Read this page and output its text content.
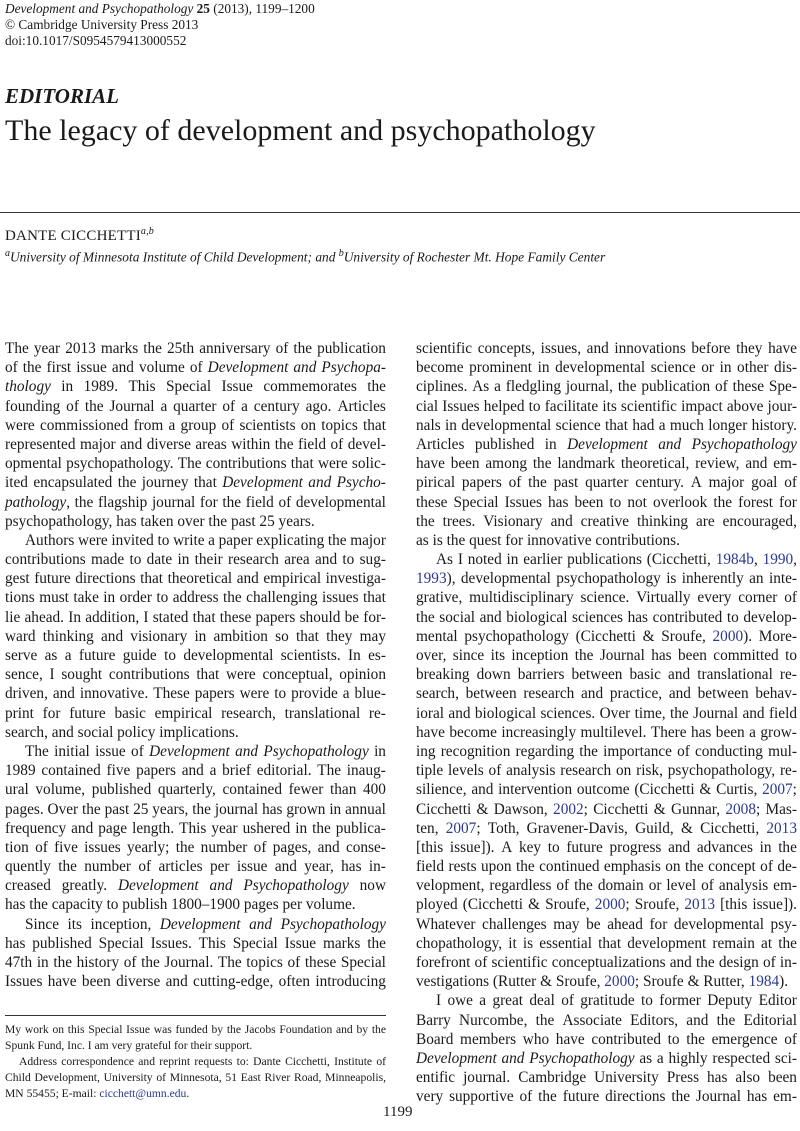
Development and Psychopathology 25 (2013), 1199–1200
© Cambridge University Press 2013
doi:10.1017/S0954579413000552
EDITORIAL
The legacy of development and psychopathology
DANTE CICCHETTI$^{a,b}$
$^a$University of Minnesota Institute of Child Development; and $^b$University of Rochester Mt. Hope Family Center
The year 2013 marks the 25th anniversary of the publication
of the first issue and volume of Development and Psychopa-
thology in 1989. This Special Issue commemorates the
founding of the Journal a quarter of a century ago. Articles
were commissioned from a group of scientists on topics that
represented major and diverse areas within the field of devel-
opmental psychopathology. The contributions that were solic-
ited encapsulated the journey that Development and Psycho-
pathology, the flagship journal for the field of developmental
psychopathology,
has
taken
over
the
past
25
years.
Authors were invited to write a paper explicating the major
contributions made to date in their research area and to sug-
gest future directions that theoretical and empirical investiga-
tions must take in order to address the challenging issues that
lie ahead. In addition, I stated that these papers should be for-
ward thinking and visionary in ambition so that they may
serve as a future guide to developmental scientists. In es-
sence, I sought contributions that were conceptual, opinion
driven, and innovative. These papers were to provide a blue-
print for future basic empirical research, translational re-
search,
and
social
policy
implications.
The initial issue of Development and Psychopathology in
1989 contained five papers and a brief editorial. The inaug-
ural volume, published quarterly, contained fewer than 400
pages. Over the past 25 years, the journal has grown in annual
frequency and page length. This year ushered in the publica-
tion of five issues yearly; the number of pages, and conse-
quently the number of articles per issue and year, has in-
creased greatly. Development and Psychopathology now
has
the
capacity
to
publish
1800–1900
pages
per
volume.
Since its inception, Development and Psychopathology
has published Special Issues. This Special Issue marks the
47th in the history of the Journal. The topics of these Special
Issues have been diverse and cutting-edge, often introducing
scientific concepts, issues, and innovations before they have
become prominent in developmental science or in other dis-
ciplines. As a fledgling journal, the publication of these Spe-
cial Issues helped to facilitate its scientific impact above jour-
nals in developmental science that had a much longer history.
Articles published in Development and Psychopathology
have been among the landmark theoretical, review, and em-
pirical papers of the past quarter century. A major goal of
these Special Issues has been to not overlook the forest for
the trees. Visionary and creative thinking are encouraged,
as
is
the
quest
for
innovative
contributions.
As I noted in earlier publications (Cicchetti, 1984b, 1990,
1993), developmental psychopathology is inherently an inte-
grative, multidisciplinary science. Virtually every corner of
the social and biological sciences has contributed to develop-
mental psychopathology (Cicchetti & Sroufe, 2000). More-
over, since its inception the Journal has been committed to
breaking down barriers between basic and translational re-
search, between research and practice, and between behav-
ioral and biological sciences. Over time, the Journal and field
have become increasingly multilevel. There has been a grow-
ing recognition regarding the importance of conducting mul-
tiple levels of analysis research on risk, psychopathology, re-
silience, and intervention outcome (Cicchetti & Curtis, 2007;
Cicchetti & Dawson, 2002; Cicchetti & Gunnar, 2008; Mas-
ten, 2007; Toth, Gravener-Davis, Guild, & Cicchetti, 2013
[this issue]). A key to future progress and advances in the
field rests upon the continued emphasis on the concept of de-
velopment, regardless of the domain or level of analysis em-
ployed (Cicchetti & Sroufe, 2000; Sroufe, 2013 [this issue]).
Whatever challenges may be ahead for developmental psy-
chopathology, it is essential that development remain at the
forefront of scientific conceptualizations and the design of in-
vestigations
(Rutter
&
Sroufe,
2000;
Sroufe
&
Rutter,
1984).
I owe a great deal of gratitude to former Deputy Editor
Barry Nurcombe, the Associate Editors, and the Editorial
Board members who have contributed to the emergence of
Development and Psychopathology as a highly respected sci-
entific journal. Cambridge University Press has also been
very supportive of the future directions the Journal has em-

My work on this Special Issue was funded by the Jacobs Foundation and by the Spunk Fund, Inc. I am very grateful for their support.

Address correspondence and reprint requests to: Dante Cicchetti, Institute of Child Development, University of Minnesota, 51 East River Road, Minneapolis, MN 55455; E-mail: cicchett@umn.edu.

1199
